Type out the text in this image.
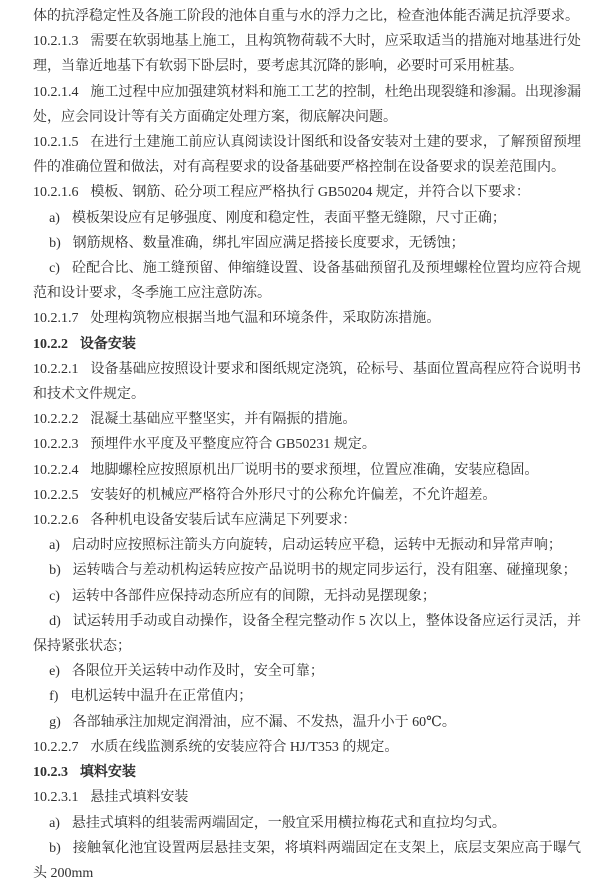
体的抗浮稳定性及各施工阶段的池体自重与水的浮力之比，检查池体能否满足抗浮要求。

10.2.1.3 需要在软弱地基上施工，且构筑物荷载不大时，应采取适当的措施对地基进行处理，当靠近地基下有软弱下卧层时，要考虑其沉降的影响，必要时可采用桩基。

10.2.1.4 施工过程中应加强建筑材料和施工工艺的控制，杜绝出现裂缝和渗漏。出现渗漏处，应会同设计等有关方面确定处理方案，彻底解决问题。

10.2.1.5 在进行土建施工前应认真阅读设计图纸和设备安装对土建的要求，了解预留预埋件的准确位置和做法，对有高程要求的设备基础要严格控制在设备要求的误差范围内。

10.2.1.6 模板、钢筋、砼分项工程应严格执行 GB50204 规定，并符合以下要求：

a) 模板架设应有足够强度、刚度和稳定性，表面平整无缝隙，尺寸正确；

b) 钢筋规格、数量准确，绑扎牢固应满足搭接长度要求，无锈蚀；

c) 砼配合比、施工缝预留、伸缩缝设置、设备基础预留孔及预埋螺栓位置均应符合规范和设计要求，冬季施工应注意防冻。

10.2.1.7 处理构筑物应根据当地气温和环境条件，采取防冻措施。

10.2.2 设备安装

10.2.2.1 设备基础应按照设计要求和图纸规定浇筑，砼标号、基面位置高程应符合说明书和技术文件规定。

10.2.2.2 混凝土基础应平整坚实，并有隔振的措施。

10.2.2.3 预埋件水平度及平整度应符合 GB50231 规定。

10.2.2.4 地脚螺栓应按照原机出厂说明书的要求预埋，位置应准确，安装应稳固。

10.2.2.5 安装好的机械应严格符合外形尺寸的公称允许偏差，不允许超差。

10.2.2.6 各种机电设备安装后试车应满足下列要求：

a) 启动时应按照标注箭头方向旋转，启动运转应平稳，运转中无振动和异常声响；

b) 运转啮合与差动机构运转应按产品说明书的规定同步运行，没有阻塞、碰撞现象；

c) 运转中各部件应保持动态所应有的间隙，无抖动晃摆现象；

d) 试运转用手动或自动操作，设备全程完整动作 5 次以上，整体设备应运行灵活，并保持紧张状态；

e) 各限位开关运转中动作及时，安全可靠；

f) 电机运转中温升在正常值内；

g) 各部轴承注加规定润滑油，应不漏、不发热，温升小于 60℃。

10.2.2.7 水质在线监测系统的安装应符合 HJ/T353 的规定。

10.2.3 填料安装

10.2.3.1 悬挂式填料安装

a) 悬挂式填料的组装需两端固定，一般宜采用横拉梅花式和直拉均匀式。

b) 接触氧化池宜设置两层悬挂支架，将填料两端固定在支架上，底层支架应高于曝气头 200mm
